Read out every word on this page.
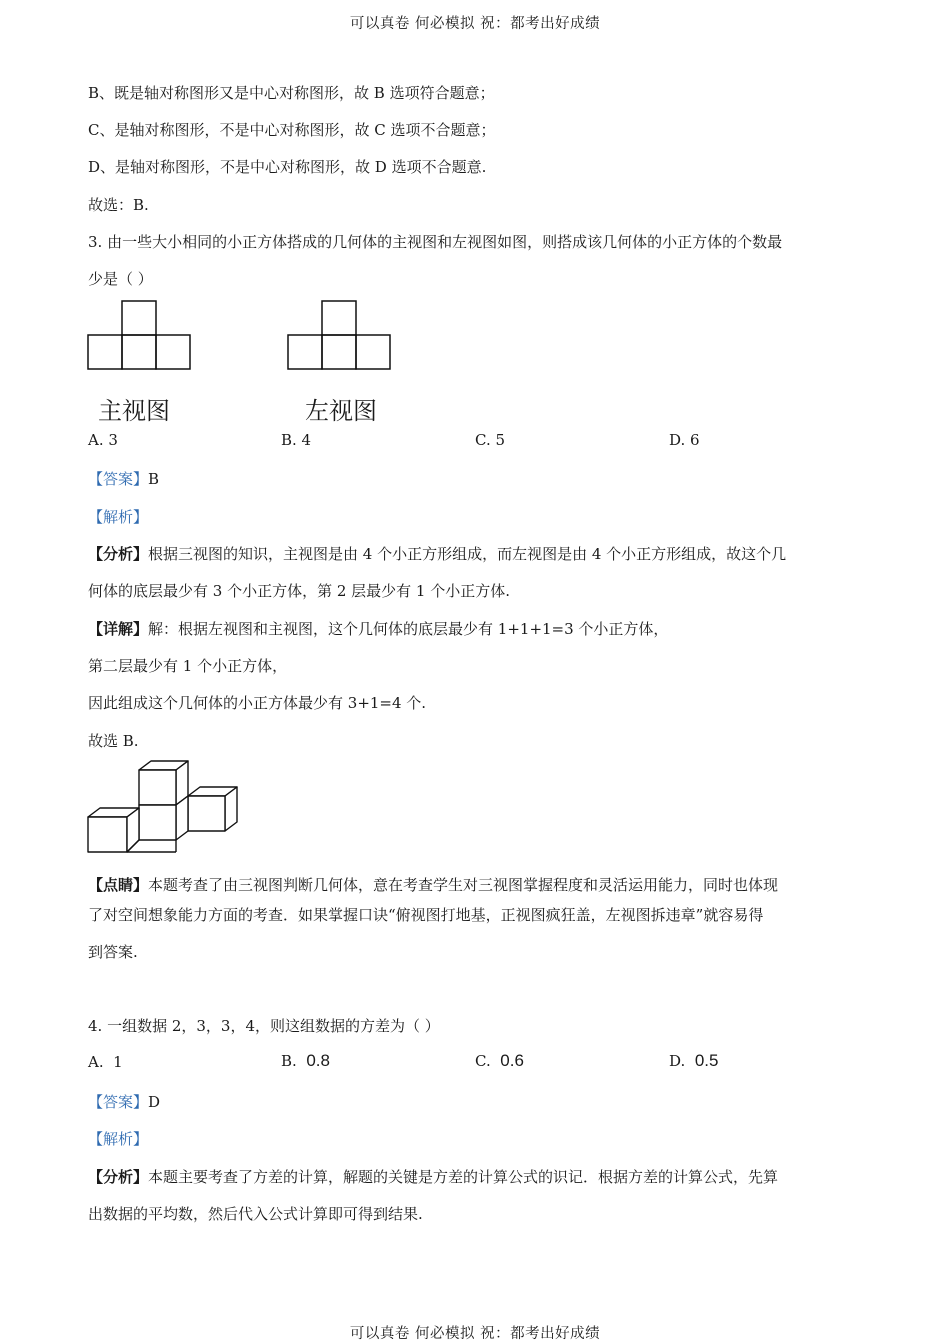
可以真卷 何必模拟 祝：都考出好成绩
B、既是轴对称图形又是中心对称图形，故 B 选项符合题意；
C、是轴对称图形，不是中心对称图形，故 C 选项不合题意；
D、是轴对称图形，不是中心对称图形，故 D 选项不合题意.
故选：B.
3. 由一些大小相同的小正方体搭成的几何体的主视图和左视图如图，则搭成该几何体的小正方体的个数最
少是（ ）
主视图	左视图
A. 3	B. 4	C. 5	D. 6
【答案】B
【解析】
【分析】根据三视图的知识，主视图是由 4 个小正方形组成，而左视图是由 4 个小正方形组成，故这个几
何体的底层最少有 3 个小正方体，第 2 层最少有 1 个小正方体.
【详解】解：根据左视图和主视图，这个几何体的底层最少有 1+1+1=3 个小正方体，
第二层最少有 1 个小正方体，
因此组成这个几何体的小正方体最少有 3+1=4 个.
故选 B.
【点睛】本题考查了由三视图判断几何体，意在考查学生对三视图掌握程度和灵活运用能力，同时也体现
了对空间想象能力方面的考查．如果掌握口诀“俯视图打地基，正视图疯狂盖，左视图拆违章”就容易得
到答案.
4. 一组数据 2，3，3，4，则这组数据的方差为（ ）
A. 1	B. 0.8	C. 0.6	D. 0.5
【答案】D
【解析】
【分析】本题主要考查了方差的计算，解题的关键是方差的计算公式的识记．根据方差的计算公式，先算
出数据的平均数，然后代入公式计算即可得到结果.
可以真卷 何必模拟 祝：都考出好成绩
